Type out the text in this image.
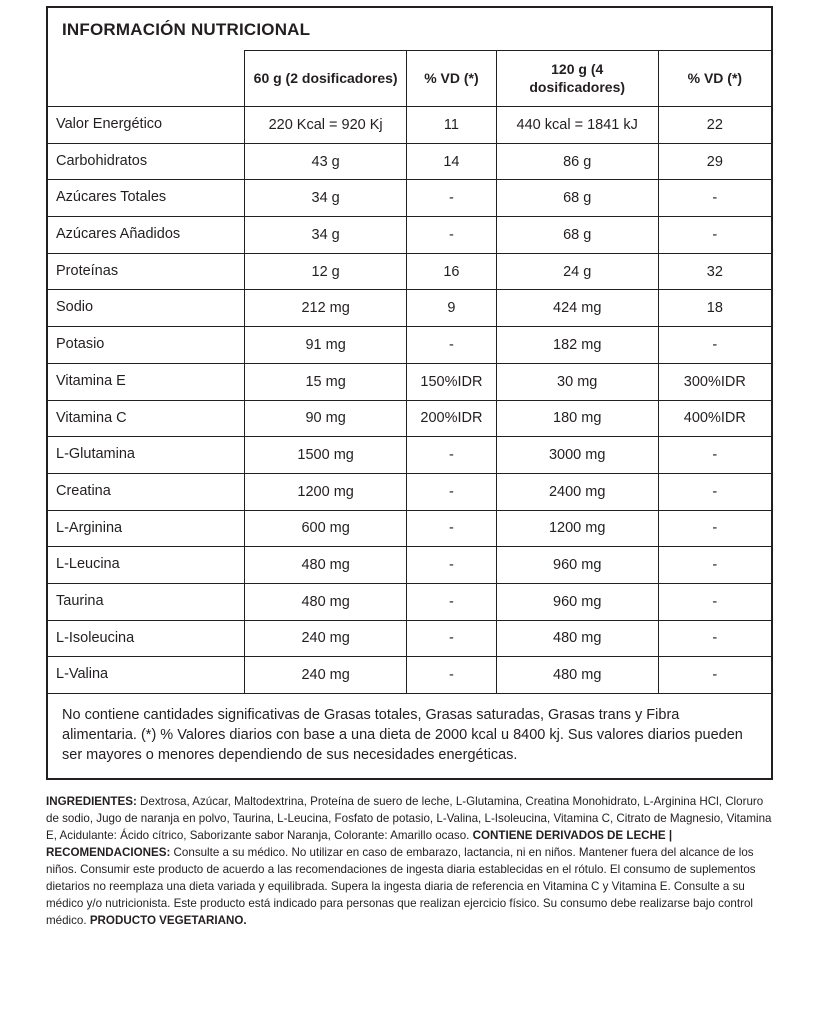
INFORMACIÓN NUTRICIONAL
	60 g (2 dosificadores)	% VD (*)	120 g (4 dosificadores)	% VD (*)
Valor Energético	220 Kcal = 920 Kj	11	440 kcal = 1841 kJ	22
Carbohidratos	43 g	14	86 g	29
Azúcares Totales	34 g	-	68 g	-
Azúcares Añadidos	34 g	-	68 g	-
Proteínas	12 g	16	24 g	32
Sodio	212 mg	9	424 mg	18
Potasio	91 mg	-	182 mg	-
Vitamina E	15 mg	150%IDR	30 mg	300%IDR
Vitamina C	90 mg	200%IDR	180 mg	400%IDR
L-Glutamina	1500 mg	-	3000 mg	-
Creatina	1200 mg	-	2400 mg	-
L-Arginina	600 mg	-	1200 mg	-
L-Leucina	480 mg	-	960 mg	-
Taurina	480 mg	-	960 mg	-
L-Isoleucina	240 mg	-	480 mg	-
L-Valina	240 mg	-	480 mg	-
No contiene cantidades significativas de Grasas totales, Grasas saturadas, Grasas trans y Fibra alimentaria. (*) % Valores diarios con base a una dieta de 2000 kcal u 8400 kj. Sus valores diarios pueden ser mayores o menores dependiendo de sus necesidades energéticas.
INGREDIENTES: Dextrosa, Azúcar, Maltodextrina, Proteína de suero de leche, L-Glutamina, Creatina Monohidrato, L-Arginina HCl, Cloruro de sodio, Jugo de naranja en polvo, Taurina, L-Leucina, Fosfato de potasio, L-Valina, L-Isoleucina, Vitamina C, Citrato de Magnesio, Vitamina E, Acidulante: Ácido cítrico, Saborizante sabor Naranja, Colorante: Amarillo ocaso. CONTIENE DERIVADOS DE LECHE | RECOMENDACIONES: Consulte a su médico. No utilizar en caso de embarazo, lactancia, ni en niños. Mantener fuera del alcance de los niños. Consumir este producto de acuerdo a las recomendaciones de ingesta diaria establecidas en el rótulo. El consumo de suplementos dietarios no reemplaza una dieta variada y equilibrada. Supera la ingesta diaria de referencia en Vitamina C y Vitamina E. Consulte a su médico y/o nutricionista. Este producto está indicado para personas que realizan ejercicio físico. Su consumo debe realizarse bajo control médico. PRODUCTO VEGETARIANO.
